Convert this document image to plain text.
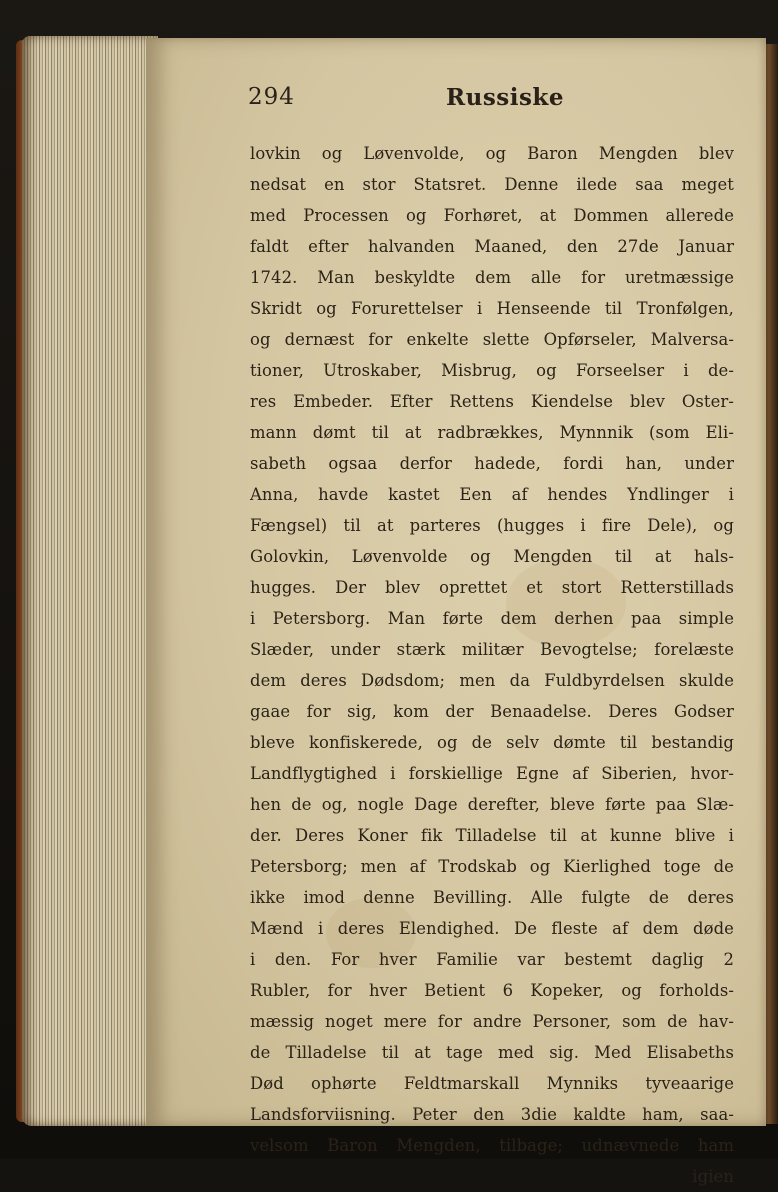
294	Russiske
lovkin og Løvenvolde, og Baron Mengden blev
nedsat en stor Statsret. Denne ilede saa meget
med Processen og Forhøret, at Dommen allerede
faldt efter halvanden Maaned, den 27de Januar
1742. Man beskyldte dem alle for uretmæssige
Skridt og Forurettelser i Henseende til Tronfølgen,
og dernæst for enkelte slette Opførseler, Malversa-
tioner, Utroskaber, Misbrug, og Forseelser i de-
res Embeder. Efter Rettens Kiendelse blev Oster-
mann dømt til at radbrækkes, Mynnnik (som Eli-
sabeth ogsaa derfor hadede, fordi han, under
Anna, havde kastet Een af hendes Yndlinger i
Fængsel) til at parteres (hugges i fire Dele), og
Golovkin, Løvenvolde og Mengden til at hals-
hugges. Der blev oprettet et stort Retterstillads
i Petersborg. Man førte dem derhen paa simple
Slæder, under stærk militær Bevogtelse; forelæste
dem deres Dødsdom; men da Fuldbyrdelsen skulde
gaae for sig, kom der Benaadelse. Deres Godser
bleve konfiskerede, og de selv dømte til bestandig
Landflygtighed i forskiellige Egne af Siberien, hvor-
hen de og, nogle Dage derefter, bleve førte paa Slæ-
der. Deres Koner fik Tilladelse til at kunne blive i
Petersborg; men af Trodskab og Kierlighed toge de
ikke imod denne Bevilling. Alle fulgte de deres
Mænd i deres Elendighed. De fleste af dem døde
i den. For hver Familie var bestemt daglig 2
Rubler, for hver Betient 6 Kopeker, og forholds-
mæssig noget mere for andre Personer, som de hav-
de Tilladelse til at tage med sig. Med Elisabeths
Død ophørte Feldtmarskall Mynniks tyveaarige
Landsforviisning. Peter den 3die kaldte ham, saa-
velsom Baron Mengden, tilbage; udnævnede ham
igien
